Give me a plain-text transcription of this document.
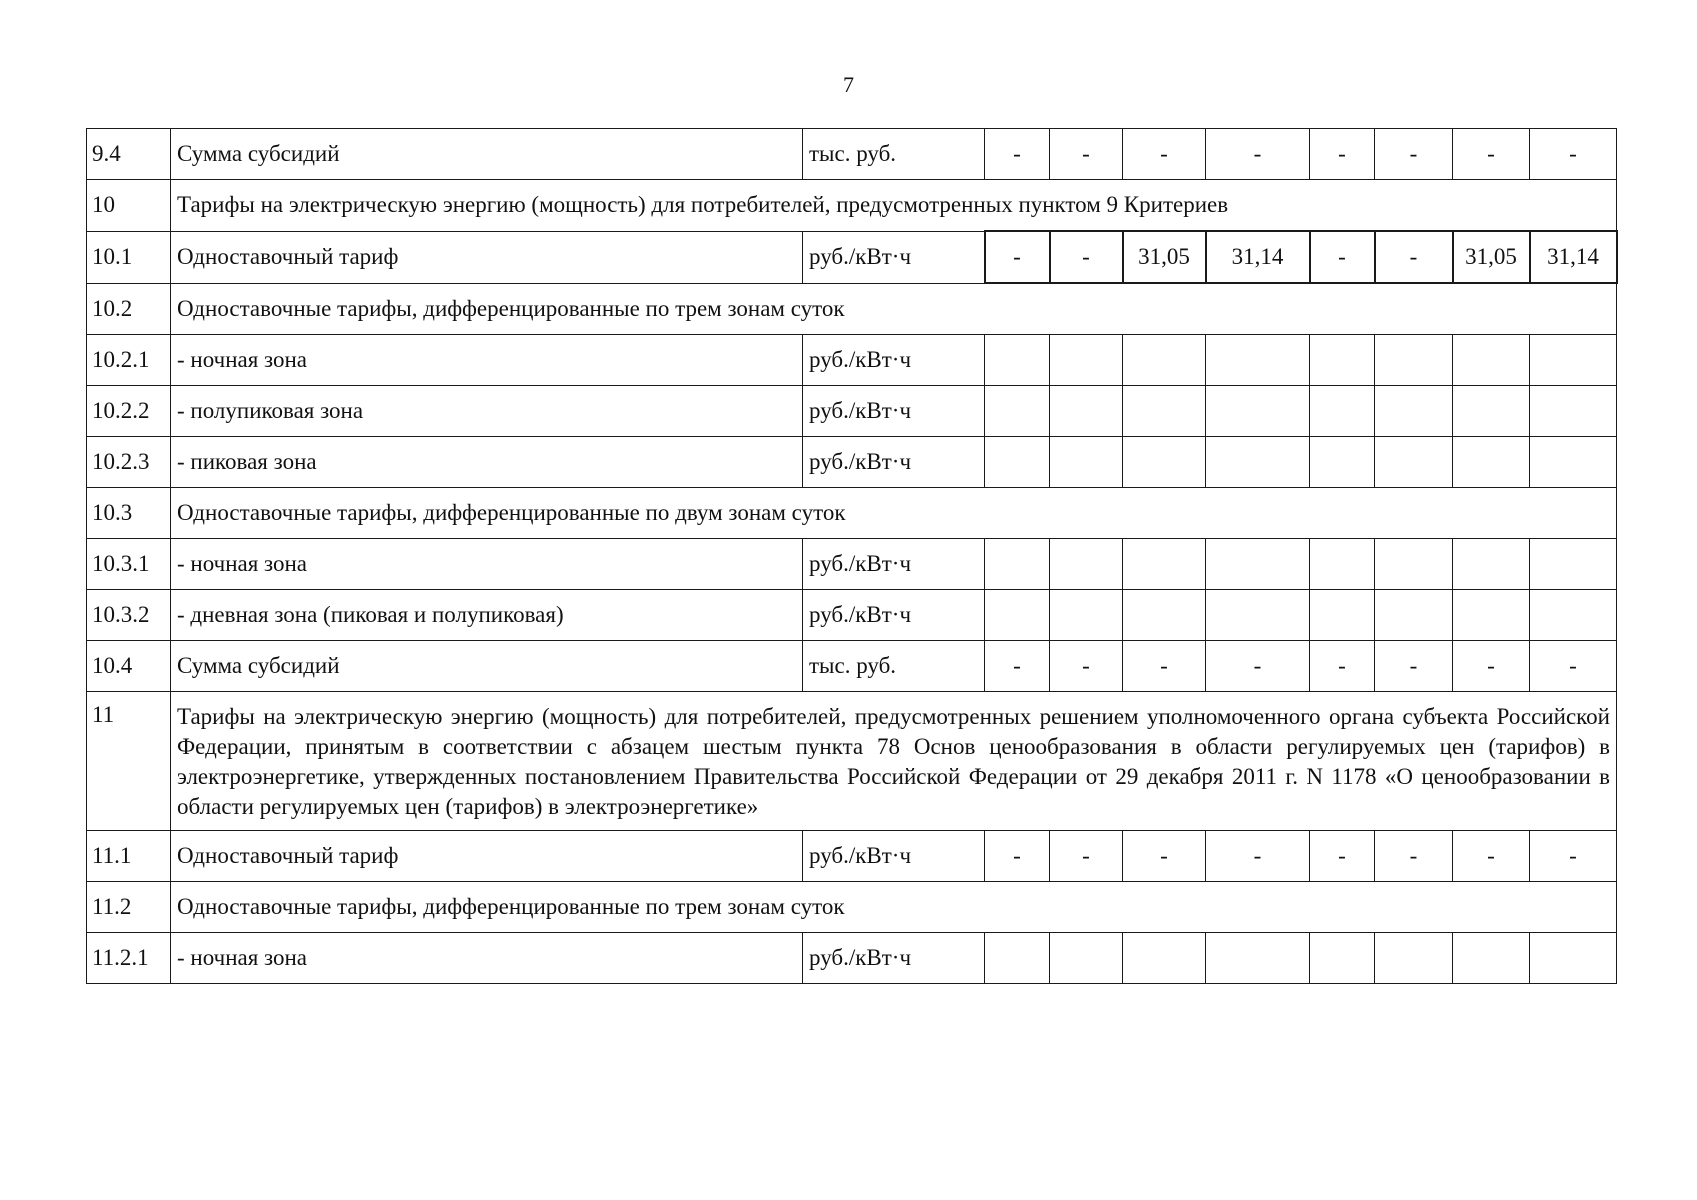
7
9.4	Сумма субсидий	тыс. руб.	-	-	-	-	-	-	-	-
10	Тарифы на электрическую энергию (мощность) для потребителей, предусмотренных пунктом 9 Критериев									
10.1	Одноставочный тариф	руб./кВт·ч	-	-	31,05	31,14	-	-	31,05	31,14
10.2	Одноставочные тарифы, дифференцированные по трем зонам суток									
10.2.1	- ночная зона	руб./кВт·ч								
10.2.2	- полупиковая зона	руб./кВт·ч								
10.2.3	- пиковая зона	руб./кВт·ч								
10.3	Одноставочные тарифы, дифференцированные по двум зонам суток									
10.3.1	- ночная зона	руб./кВт·ч								
10.3.2	- дневная зона (пиковая и полупиковая)	руб./кВт·ч								
10.4	Сумма субсидий	тыс. руб.	-	-	-	-	-	-	-	-
11	Тарифы на электрическую энергию (мощность) для потребителей, предусмотренных решением уполномоченного органа субъекта Российской Федерации, принятым в соответствии с абзацем шестым пункта 78 Основ ценообразования в области регулируемых цен (тарифов) в электроэнергетике, утвержденных постановлением Правительства Российской Федерации от 29 декабря 2011 г. N 1178 «О ценообразовании в области регулируемых цен (тарифов) в электроэнергетике»									
11.1	Одноставочный тариф	руб./кВт·ч	-	-	-	-	-	-	-	-
11.2	Одноставочные тарифы, дифференцированные по трем зонам суток									
11.2.1	- ночная зона	руб./кВт·ч								
